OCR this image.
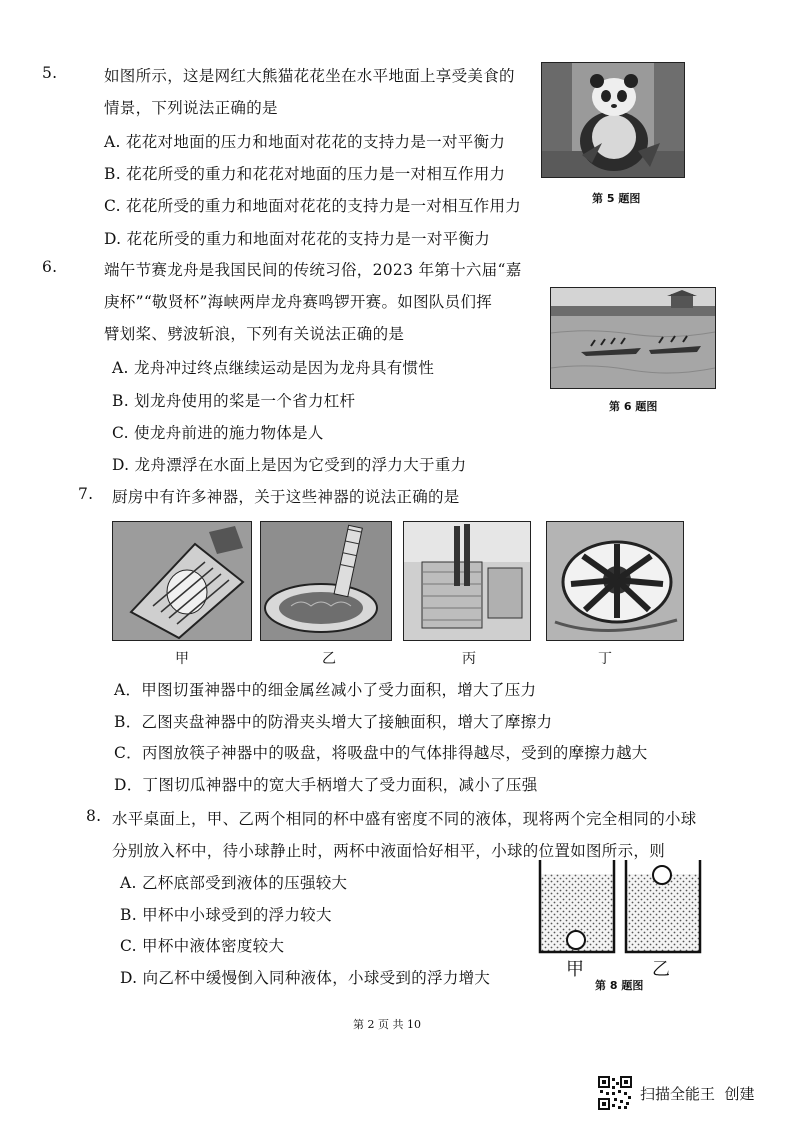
5.	如图所示，这是网红大熊猫花花坐在水平地面上享受美食的
情景，下列说法正确的是
A. 花花对地面的压力和地面对花花的支持力是一对平衡力
B. 花花所受的重力和花花对地面的压力是一对相互作用力
C. 花花所受的重力和地面对花花的支持力是一对相互作用力
D. 花花所受的重力和地面对花花的支持力是一对平衡力
第 5 题图
6.	端午节赛龙舟是我国民间的传统习俗，2023 年第十六届“嘉
庚杯”“敬贤杯”海峡两岸龙舟赛鸣锣开赛。如图队员们挥
臂划桨、劈波斩浪，下列有关说法正确的是
A. 龙舟冲过终点继续运动是因为龙舟具有惯性
B. 划龙舟使用的桨是一个省力杠杆
C. 使龙舟前进的施力物体是人
D. 龙舟漂浮在水面上是因为它受到的浮力大于重力
第 6 题图
7. 厨房中有许多神器，关于这些神器的说法正确的是
甲	乙	丙	丁
A．甲图切蛋神器中的细金属丝减小了受力面积，增大了压力
B．乙图夹盘神器中的防滑夹头增大了接触面积，增大了摩擦力
C．丙图放筷子神器中的吸盘，将吸盘中的气体排得越尽，受到的摩擦力越大
D．丁图切瓜神器中的宽大手柄增大了受力面积，减小了压强
8. 水平桌面上，甲、乙两个相同的杯中盛有密度不同的液体，现将两个完全相同的小球
分别放入杯中，待小球静止时，两杯中液面恰好相平，小球的位置如图所示，则
A. 乙杯底部受到液体的压强较大
B. 甲杯中小球受到的浮力较大
C. 甲杯中液体密度较大
D. 向乙杯中缓慢倒入同种液体，小球受到的浮力增大	甲	乙
第 8 题图
第 2 页 共 10
扫描全能王  创建
